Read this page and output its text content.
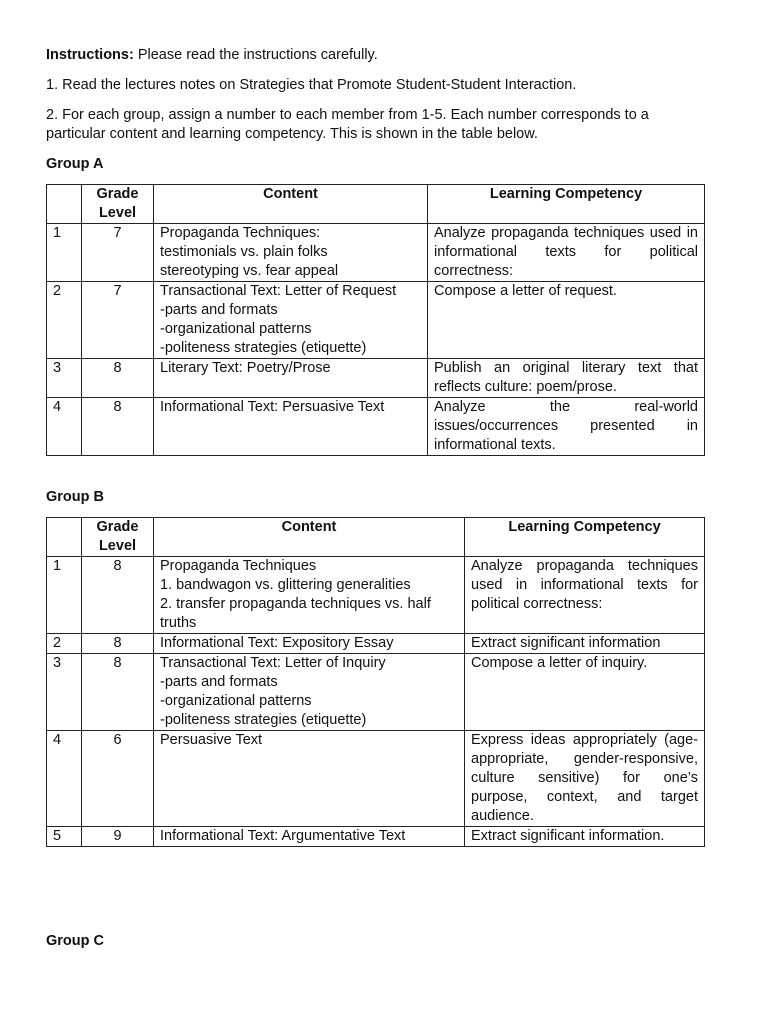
Instructions: Please read the instructions carefully.

1. Read the lectures notes on Strategies that Promote Student-Student Interaction.

2. For each group, assign a number to each member from 1-5. Each number corresponds to a particular content and learning competency. This is shown in the table below.

Group A

	Grade Level	Content	Learning Competency
1	7	Propaganda Techniques:
testimonials vs. plain folks
stereotyping vs. fear appeal	Analyze propaganda techniques used in informational texts for political correctness:
2	7	Transactional Text: Letter of Request
-parts and formats
-organizational patterns
-politeness strategies (etiquette)	Compose a letter of request.
3	8	Literary Text: Poetry/Prose	Publish an original literary text that reflects culture: poem/prose.
4	8	Informational Text: Persuasive Text	Analyze the real-world issues/occurrences presented in informational texts.

Group B

	Grade Level	Content	Learning Competency
1	8	Propaganda Techniques
1. bandwagon vs. glittering generalities
2. transfer propaganda techniques vs. half truths	Analyze propaganda techniques used in informational texts for political correctness:
2	8	Informational Text: Expository Essay	Extract significant information
3	8	Transactional Text: Letter of Inquiry
-parts and formats
-organizational patterns
-politeness strategies (etiquette)	Compose a letter of inquiry.
4	6	Persuasive Text	Express ideas appropriately (age-appropriate, gender-responsive, culture sensitive) for one’s purpose, context, and target audience.
5	9	Informational Text: Argumentative Text	Extract significant information.

Group C
